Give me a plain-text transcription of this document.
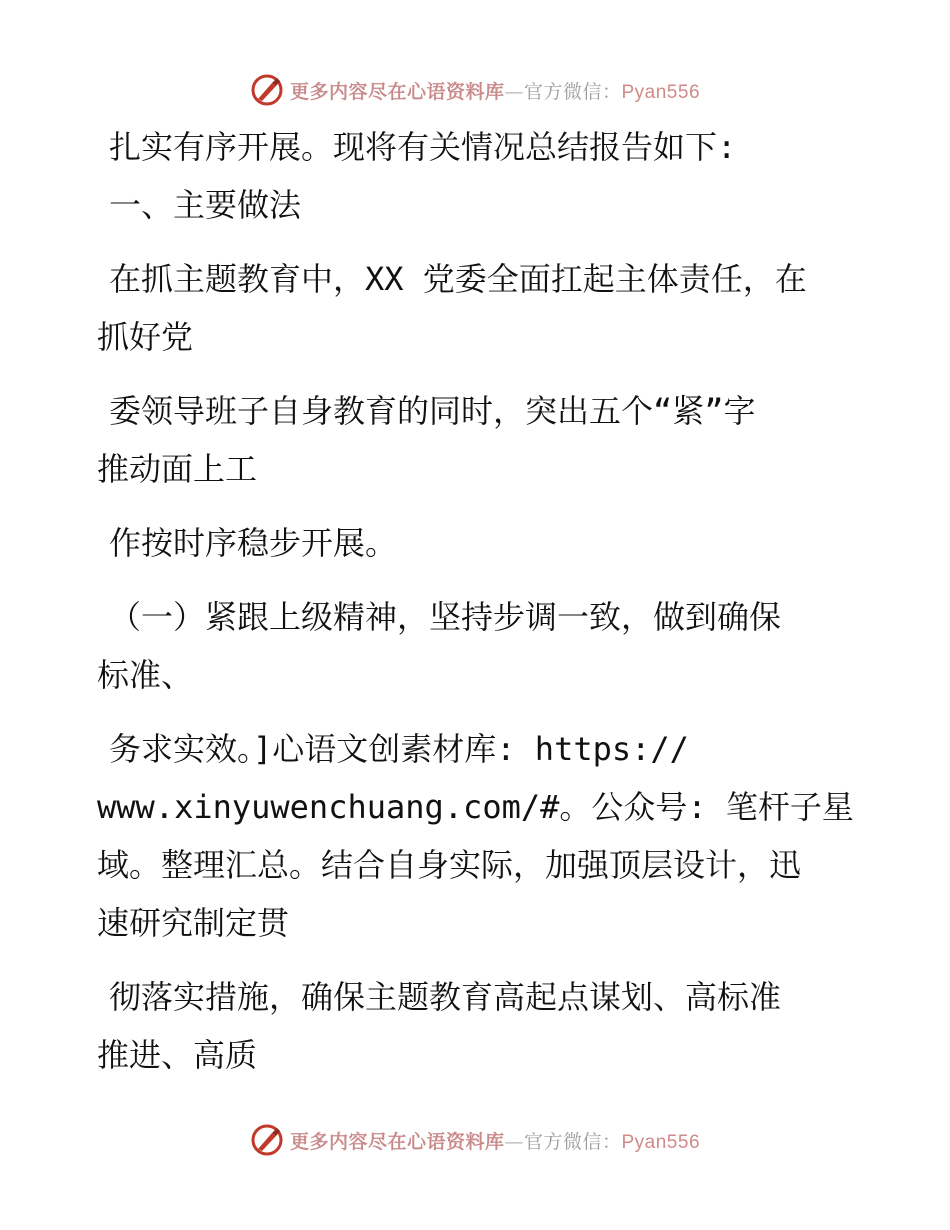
更多内容尽在心语资料库—官方微信：Pyan556

扎实有序开展。现将有关情况总结报告如下:

一、主要做法

在抓主题教育中，XX 党委全面扛起主体责任，在

抓好党

委领导班子自身教育的同时，突出五个“紧”字

推动面上工

作按时序稳步开展。

（一）紧跟上级精神，坚持步调一致，做到确保

标准、

务求实效。]心语文创素材库: https://

www.xinyuwenchuang.com/#。公众号: 笔杆子星

域。整理汇总。结合自身实际，加强顶层设计，迅

速研究制定贯

彻落实措施，确保主题教育高起点谋划、高标准

推进、高质

更多内容尽在心语资料库—官方微信：Pyan556
